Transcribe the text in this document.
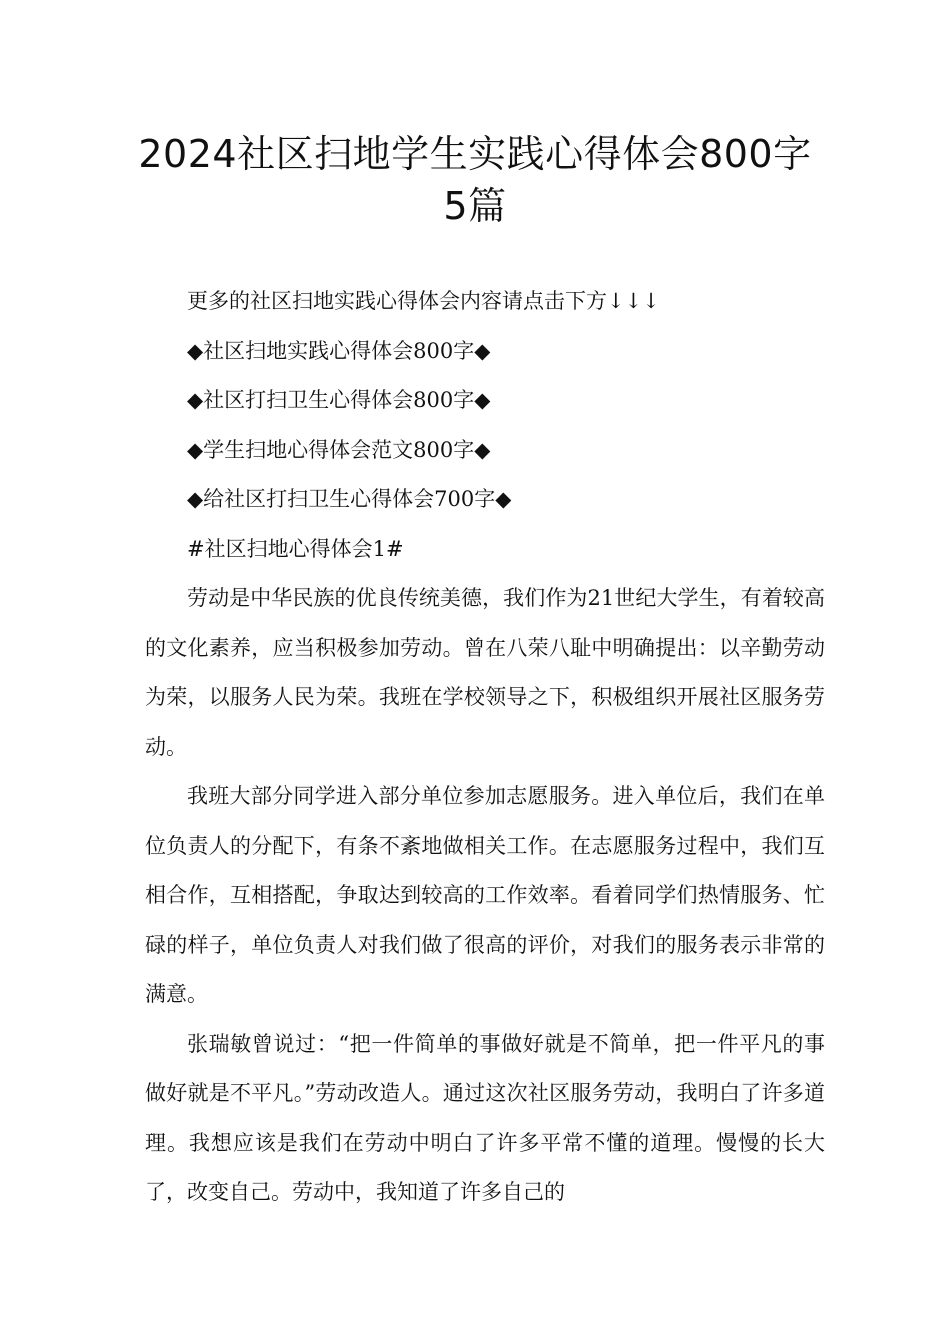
2024社区扫地学生实践心得体会800字
5篇

更多的社区扫地实践心得体会内容请点击下方↓↓↓

◆社区扫地实践心得体会800字◆

◆社区打扫卫生心得体会800字◆

◆学生扫地心得体会范文800字◆

◆给社区打扫卫生心得体会700字◆

#社区扫地心得体会1#

劳动是中华民族的优良传统美德，我们作为21世纪大学生，有着较高的文化素养，应当积极参加劳动。曾在八荣八耻中明确提出：以辛勤劳动为荣，以服务人民为荣。我班在学校领导之下，积极组织开展社区服务劳动。

我班大部分同学进入部分单位参加志愿服务。进入单位后，我们在单位负责人的分配下，有条不紊地做相关工作。在志愿服务过程中，我们互相合作，互相搭配，争取达到较高的工作效率。看着同学们热情服务、忙碌的样子，单位负责人对我们做了很高的评价，对我们的服务表示非常的满意。

张瑞敏曾说过：“把一件简单的事做好就是不简单，把一件平凡的事做好就是不平凡。”劳动改造人。通过这次社区服务劳动，我明白了许多道理。我想应该是我们在劳动中明白了许多平常不懂的道理。慢慢的长大了，改变自己。劳动中，我知道了许多自己的
